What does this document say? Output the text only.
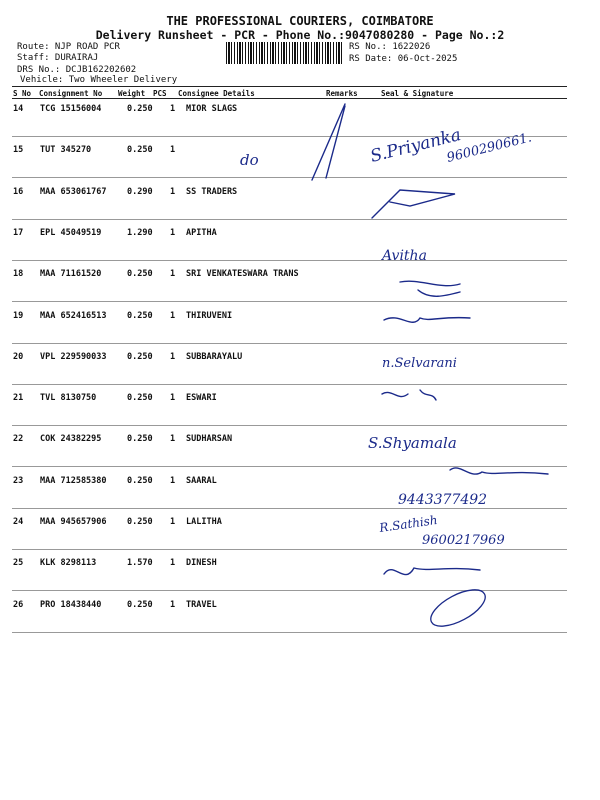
THE PROFESSIONAL COURIERS, COIMBATORE
Delivery Runsheet - PCR - Phone No.:9047080280 - Page No.:2
Route: NJP ROAD PCR
Staff: DURAIRAJ
DRS No.: DCJB162202602
Vehicle: Two Wheeler Delivery
RS No.: 1622026
RS Date: 06-Oct-2025
S No Consignment No Weight PCS Consignee Details	Remarks	Seal & Signature
14 TCG 15156004	0.250 1 MIOR SLAGS
15 TUT 345270	0.250 1
16 MAA 653061767 0.290 1 SS TRADERS
17 EPL 45049519	1.290 1 APITHA
18 MAA 71161520	0.250 1 SRI VENKATESWARA TRANS
19 MAA 652416513 0.250 1 THIRUVENI
20 VPL 229590033 0.250 1 SUBBARAYALU
21 TVL 8130750	0.250 1 ESWARI
22 COK 24382295	0.250 1 SUDHARSAN
23 MAA 712585380 0.250 1 SAARAL
24 MAA 945657906 0.250 1 LALITHA
25 KLK 8298113	1.570 1 DINESH
26 PRO 18438440	0.250 1 TRAVEL
do	S.Priyanka
9600290661.
Avitha
n.Selvarani
S.Shyamala
9443377492
R.Sathish
9600217969
